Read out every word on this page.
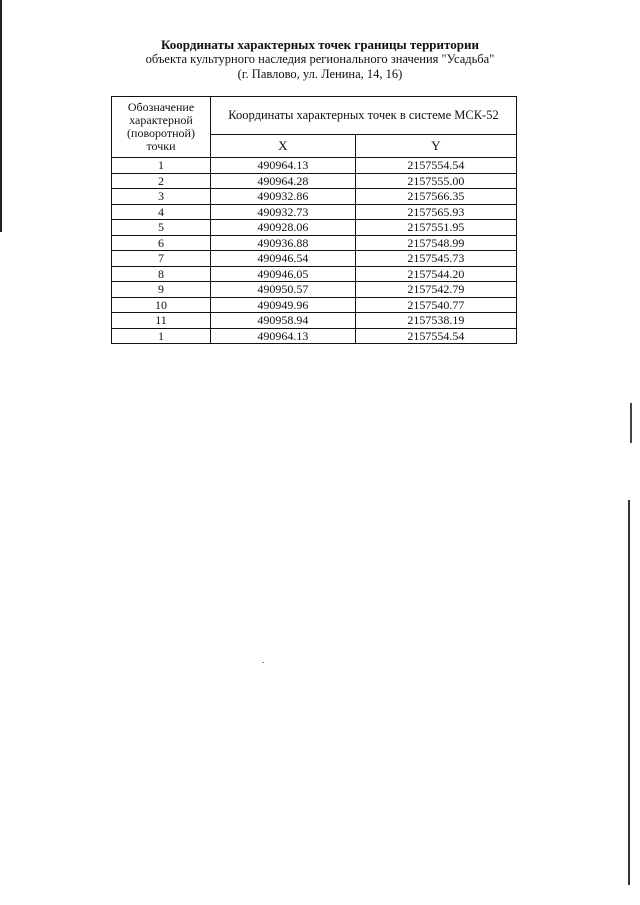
Координаты характерных точек границы территории
объекта культурного наследия регионального значения "Усадьба"
(г. Павлово, ул. Ленина, 14, 16)
Обозначение характерной (поворотной) точки	Координаты характерных точек в системе МСК-52	
	X	Y
1	490964.13	2157554.54
2	490964.28	2157555.00
3	490932.86	2157566.35
4	490932.73	2157565.93
5	490928.06	2157551.95
6	490936.88	2157548.99
7	490946.54	2157545.73
8	490946.05	2157544.20
9	490950.57	2157542.79
10	490949.96	2157540.77
11	490958.94	2157538.19
1	490964.13	2157554.54
